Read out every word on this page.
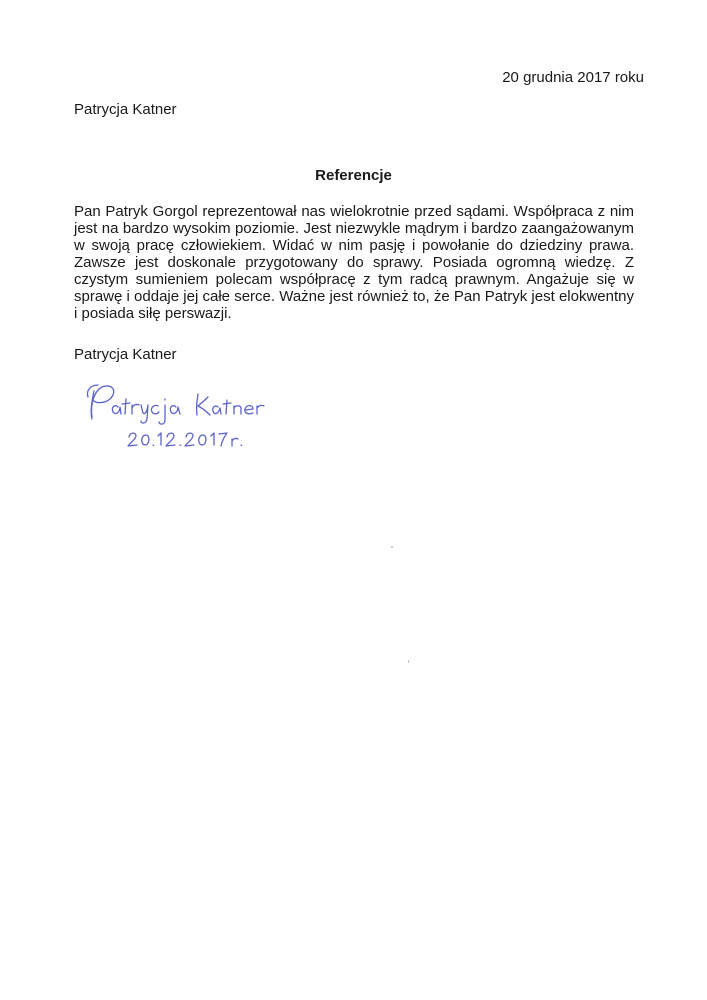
20 grudnia 2017 roku
Patrycja Katner
Referencje

Pan Patryk Gorgol reprezentował nas wielokrotnie przed sądami. Współpraca z nim jest na bardzo wysokim poziomie. Jest niezwykle mądrym i bardzo zaangażowanym w swoją pracę człowiekiem. Widać w nim pasję i powołanie do dziedziny prawa. Zawsze jest doskonale przygotowany do sprawy. Posiada ogromną wiedzę. Z czystym sumieniem polecam współpracę z tym radcą prawnym. Angażuje się w sprawę i oddaje jej całe serce. Ważne jest również to, że Pan Patryk jest elokwentny i posiada siłę perswazji.

Patrycja Katner
